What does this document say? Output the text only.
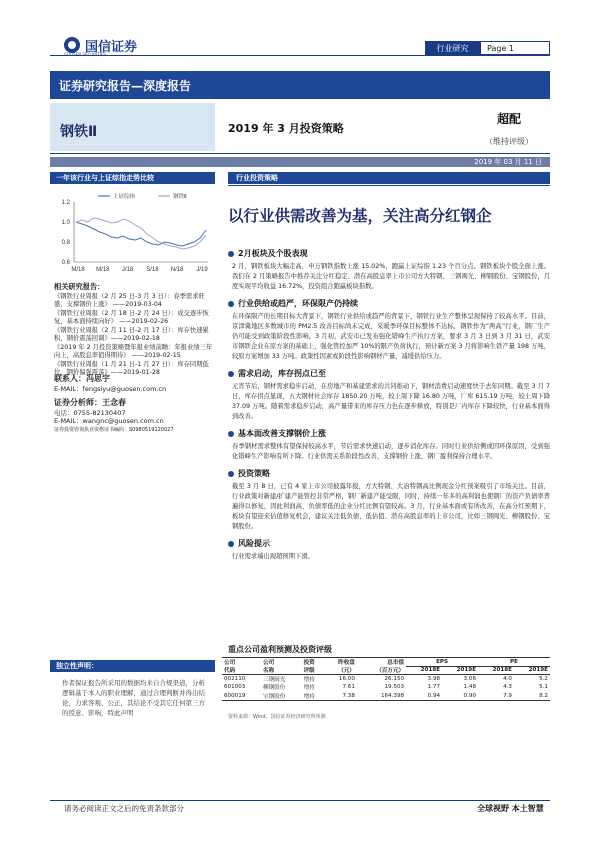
国信证券	行业研究	Page 1
证券研究报告—深度报告
钢铁Ⅱ	2019 年 3 月投资策略
超配
（维持评级）
2019 年 03 月 11 日
一年该行业与上证综指走势比较
1.2
1.0
0.8
0.6
M/18 M/18 J/18 S/18 N/18 J/19
上证综指	钢铁Ⅱ
相关研究报告：
《钢铁行业周报（2 月 25 日-3 月 3 日）：春季需求旺盛，支撑钢价上涨》 ——2019-03-04
《钢铁行业周报（2 月 18 日-2 月 24 日）：成交逐步恢复，基本面持续向好》 ——2019-02-26
《钢铁行业周报（2 月 11 日-2 月 17 日）：库存快速累积，钢价震荡回调》——2019-02-18
《2019 年 2 月投资策略暨年报业绩前瞻：年报业绩三年向上，高股息率值得期待》 ——2019-02-15
《钢铁行业周报（1 月 21 日-1 月 27 日）：库存同期低位，钢价偏强震荡》——2019-01-28
联系人：冯思宇
E-MAIL：fengsiyu@guosen.com.cn
证券分析师：王念春
电话：0755-82130407
E-MAIL：wangnc@guosen.com.cn
证券投资咨询执业资格证书编码：S0980519120027
独立性声明：
作者保证报告所采用的数据均来自合规渠道，分析逻辑基于本人的职业理解，通过合理判断并得出结论，力求客观、公正，其结论不受其它任何第三方的授意、影响，特此声明
行业投资策略
以行业供需改善为基，关注高分红钢企
2月板块及个股表现

2 月，钢铁板块大幅走高，申万钢铁指数上涨 15.02%，跑赢上证综指 1.23 个百分点。钢铁板块个股全面上涨。我们在 2 月策略报告中推荐关注分红稳定、潜在高股息率上市公司方大特钢、三钢闽光、柳钢股份、宝钢股份，月度实现平均收益 16.72%，投资组合跑赢板块指数。

行业供给或趋严，环保限产仍持续

在环保限产的长期目标大背景下，钢铁行业供给或趋严的背景下，钢铁行业生产整体呈现保持了较高水平。目前，京津冀地区多数城市的 PM2.5 改善目标尚未完成，采暖季环保目标整体不达标，钢铁作为“两高”行业，钢厂生产仍可能受到政策阶段性影响。3 月初，武安市已发布强化错峰生产执行方案，要求 3 月 3 日到 3 月 31 日，武安市钢铁企业在原方案的基础上，强化管控加严 10%的限产负荷执行，预计新方案 3 月将影响生铁产量 198 万吨，较原方案增加 33 万吨。政策性因素或阶段性影响钢材产量，减缓供给压力。

需求启动，库存拐点已至

元宵节后，钢材需求稳步启动，在房地产和基建需求的共同推动下，钢材消费启动速度快于去年同期。截至 3 月 7 日，库存拐点显现，五大钢材社会库存 1850.20 万吨，较上周下降 16.80 万吨，厂库 615.19 万吨，较上周下降 37.09 万吨。随着需求稳步启动，高产量带来的库存压力也在逐步释放，特别是厂内库存下降较快，行业基本面得到改善。

基本面改善支撑钢价上涨

春季钢材需求整体有望保持较高水平，节后需求快速启动，逐步消化库存。同时行业供给侧或因环保原因，受到强化错峰生产影响有所下降。行业供需关系阶段性改善，支撑钢价上涨，钢厂盈利保持合理水平。

投资策略

截至 3 月 8 日，已有 4 家上市公司披露年报，方大特钢、大冶特钢高比例现金分红预案吸引了市场关注。目前，行业政策对新建/扩建产能管控非常严格，钢厂新建产能受限，同时，持续一年多的高利润也使钢厂的资产负债率普遍得以修复，因此利润高、负债率低的企业分红比例有望较高。3 月，行业基本面或有所改善，在高分红预期下，板块有望迎来估值修复机会，建议关注低负债、低估值、潜在高股息率的上市公司，比如三钢闽光、柳钢股份、宝钢股份。

风险提示

行业需求端出现超预期下滑。

重点公司盈利预测及投资评级
公司	公司	投资	昨收盘	总市值	EPS		PE	
代码	名称	评级	（元）	（百万元）	2018E	2019E	2018E	2019E
002110	三钢闽光	增持	16.00	26.150	3.98	3.06	4.0	5.2
601003	柳钢股份	增持	7.61	19.503	1.77	1.48	4.3	5.1
600019	宝钢股份	增持	7.38	164.398	0.94	0.90	7.9	8.2
资料来源：Wind、国信证券经济研究所预测
请务必阅读正文之后的免责条款部分	全球视野 本土智慧
